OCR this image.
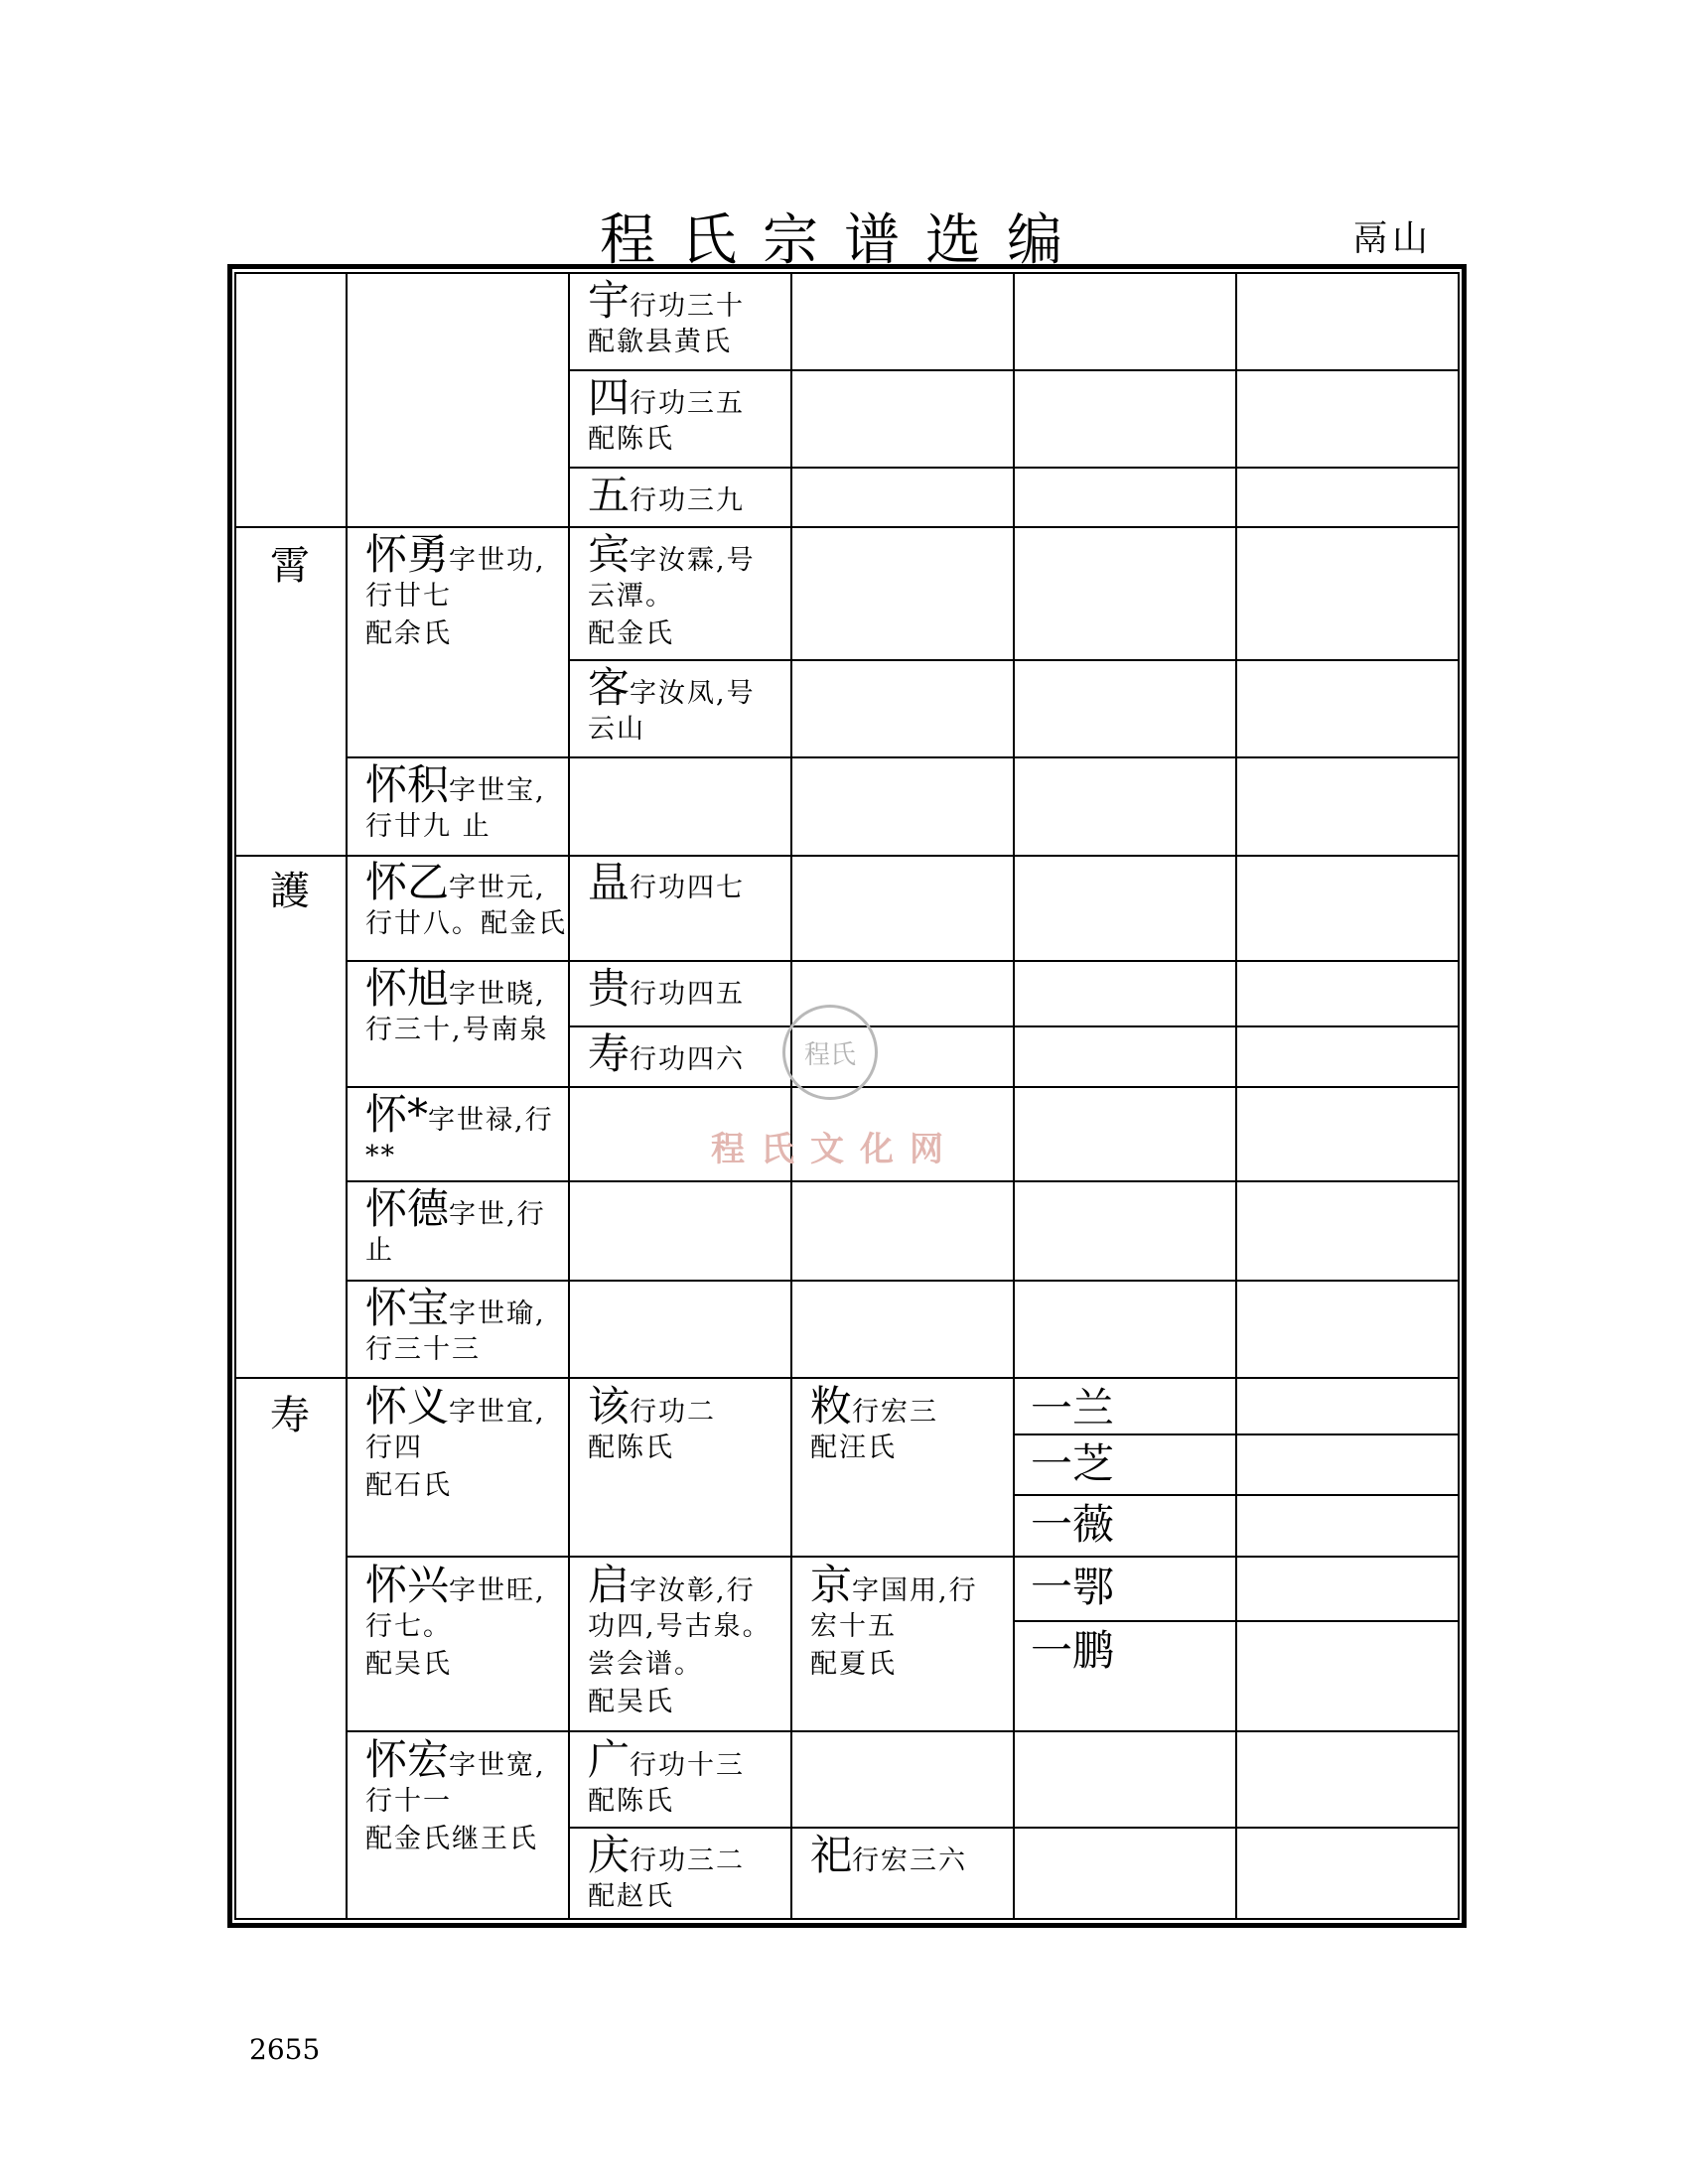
程氏宗谱选编	鬲山
霄
護
寿
怀勇字世功,
行廿七
配余氏
怀积字世宝,
行廿九 止
怀乙字世元,
行廿八。配金氏
怀旭字世晓,
行三十,号南泉
怀*字世禄,行
**
怀德字世,行
止
怀宝字世瑜,
行三十三
怀义字世宜,
行四
配石氏
怀兴字世旺,
行七。
配吴氏
怀宏字世宽,
行十一
配金氏继王氏
宇行功三十
配歙县黄氏
四行功三五
配陈氏
五行功三九
宾字汝霖,号
云潭。
配金氏
客字汝凤,号
云山
昷行功四七
贵行功四五
寿行功四六
该行功二
配陈氏
启字汝彰,行
功四,号古泉。
尝会谱。
配吴氏
广行功十三
配陈氏
庆行功三二
配赵氏
敉行宏三
配汪氏
京字国用,行
宏十五
配夏氏
祀行宏三六
一兰
一芝
一薇
一鄂
一鹏
程氏
程氏文化网
2655
